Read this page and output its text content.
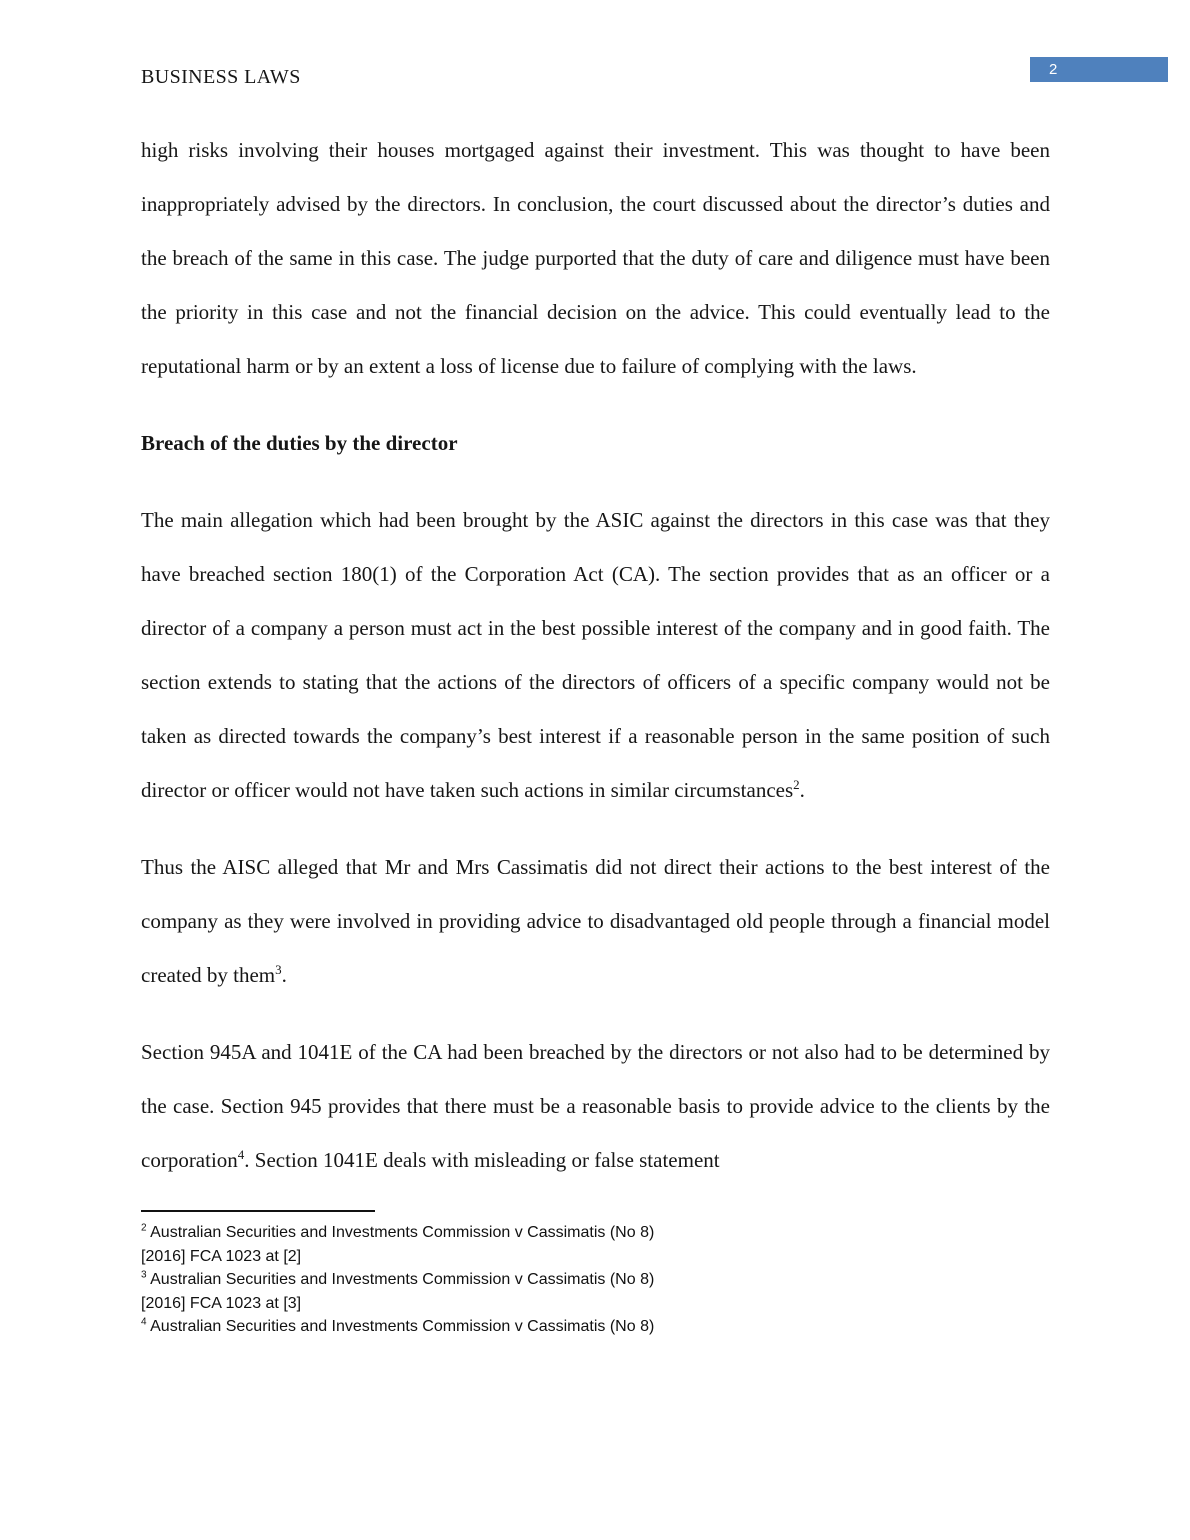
2
BUSINESS LAWS

high risks involving their houses mortgaged against their investment. This was thought to have been inappropriately advised by the directors. In conclusion, the court discussed about the director’s duties and the breach of the same in this case. The judge purported that the duty of care and diligence must have been the priority in this case and not the financial decision on the advice. This could eventually lead to the reputational harm or by an extent a loss of license due to failure of complying with the laws.

Breach of the duties by the director

The main allegation which had been brought by the ASIC against the directors in this case was that they have breached section 180(1) of the Corporation Act (CA). The section provides that as an officer or a director of a company a person must act in the best possible interest of the company and in good faith. The section extends to stating that the actions of the directors of officers of a specific company would not be taken as directed towards the company’s best interest if a reasonable person in the same position of such director or officer would not have taken such actions in similar circumstances$^2$.

Thus the AISC alleged that Mr and Mrs Cassimatis did not direct their actions to the best interest of the company as they were involved in providing advice to disadvantaged old people through a financial model created by them$^3$.

Section 945A and 1041E of the CA had been breached by the directors or not also had to be determined by the case. Section 945 provides that there must be a reasonable basis to provide advice to the clients by the corporation$^4$. Section 1041E deals with misleading or false statement

$^2$ Australian Securities and Investments Commission v Cassimatis (No 8)
[2016] FCA 1023 at [2]
$^3$ Australian Securities and Investments Commission v Cassimatis (No 8)
[2016] FCA 1023 at [3]
$^4$ Australian Securities and Investments Commission v Cassimatis (No 8)
